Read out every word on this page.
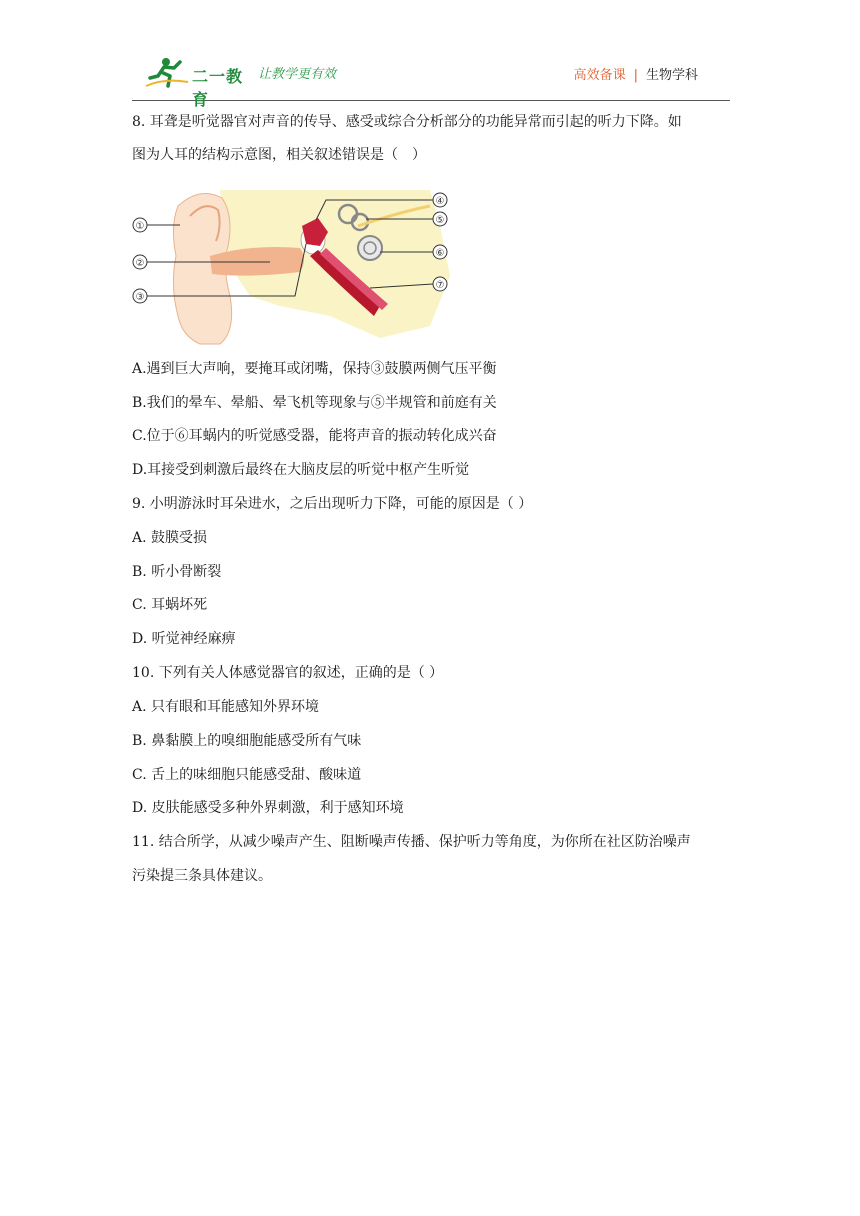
二一教育
让教学更有效	高效备课 | 生物学科
8. 耳聋是听觉器官对声音的传导、感受或综合分析部分的功能异常而引起的听力下降。如
图为人耳的结构示意图，相关叙述错误是（　）
①
②
③
④
⑤
⑥
⑦
A.遇到巨大声响，要掩耳或闭嘴，保持③鼓膜两侧气压平衡
B.我们的晕车、晕船、晕飞机等现象与⑤半规管和前庭有关
C.位于⑥耳蜗内的听觉感受器，能将声音的振动转化成兴奋
D.耳接受到刺激后最终在大脑皮层的听觉中枢产生听觉
9. 小明游泳时耳朵进水，之后出现听力下降，可能的原因是（ ）
A. 鼓膜受损
B. 听小骨断裂
C. 耳蜗坏死
D. 听觉神经麻痹
10. 下列有关人体感觉器官的叙述，正确的是（ ）
A. 只有眼和耳能感知外界环境
B. 鼻黏膜上的嗅细胞能感受所有气味
C. 舌上的味细胞只能感受甜、酸味道
D. 皮肤能感受多种外界刺激，利于感知环境
11. 结合所学，从减少噪声产生、阻断噪声传播、保护听力等角度，为你所在社区防治噪声
污染提三条具体建议。
